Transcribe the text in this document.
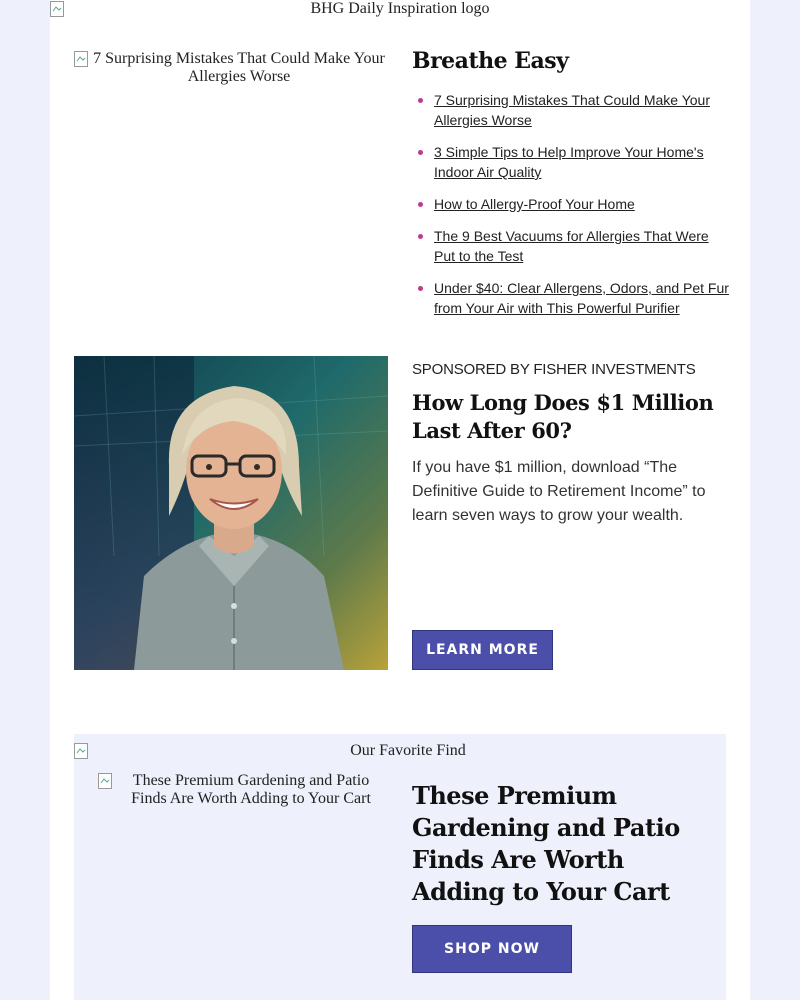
BHG Daily Inspiration logo
7 Surprising Mistakes That Could Make Your Allergies Worse
Breathe Easy
7 Surprising Mistakes That Could Make Your Allergies Worse
3 Simple Tips to Help Improve Your Home's Indoor Air Quality
How to Allergy-Proof Your Home
The 9 Best Vacuums for Allergies That Were Put to the Test
Under $40: Clear Allergens, Odors, and Pet Fur from Your Air with This Powerful Purifier
SPONSORED BY FISHER INVESTMENTS
How Long Does $1 Million Last After 60?
If you have $1 million, download “The Definitive Guide to Retirement Income” to learn seven ways to grow your wealth.
LEARN MORE
Our Favorite Find
These Premium Gardening and Patio Finds Are Worth Adding to Your Cart	These Premium Gardening and Patio Finds Are Worth Adding to Your Cart
SHOP NOW
